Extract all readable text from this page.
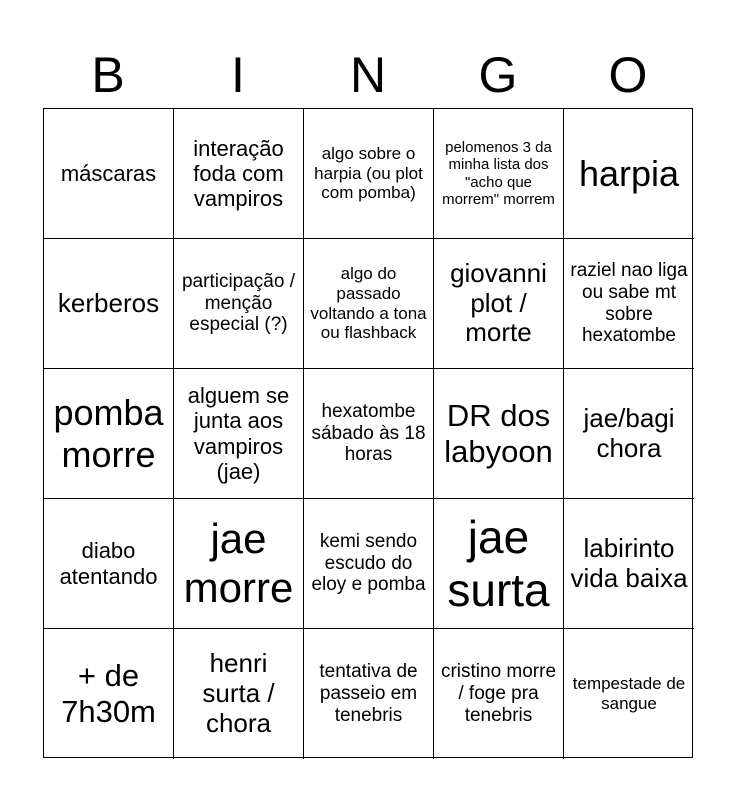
B	I	N	G	O
máscaras
interação foda com vampiros
algo sobre o harpia (ou plot com pomba)
pelomenos 3 da minha lista dos "acho que morrem" morrem
harpia
kerberos
participação / menção especial (?)
algo do passado voltando a tona ou flashback
giovanni plot / morte
raziel nao liga ou sabe mt sobre hexatombe
pomba morre
alguem se junta aos vampiros (jae)
hexatombe sábado às 18 horas
DR dos labyoon
jae/bagi chora
diabo atentando
jae morre
kemi sendo escudo do eloy e pomba
jae surta
labirinto vida baixa
+ de 7h30m
henri surta / chora
tentativa de passeio em tenebris
cristino morre / foge pra tenebris
tempestade de sangue
